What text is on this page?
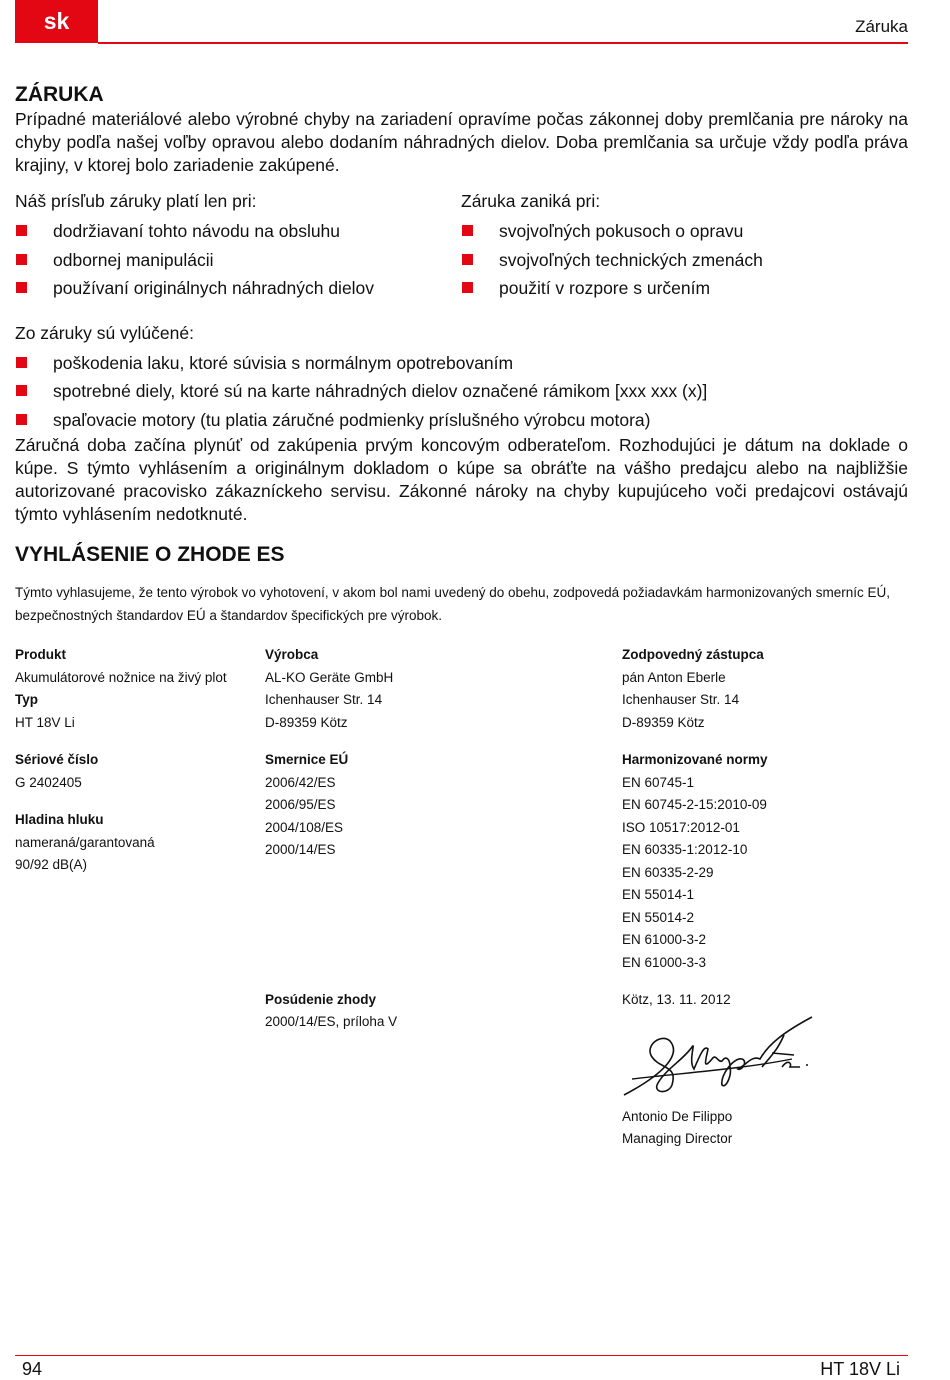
sk	Záruka
ZÁRUKA

Prípadné materiálové alebo výrobné chyby na zariadení opravíme počas zákonnej doby premlčania pre nároky na chyby podľa našej voľby opravou alebo dodaním náhradných dielov. Doba premlčania sa určuje vždy podľa práva krajiny, v ktorej bolo zariadenie zakúpené.

Náš prísľub záruky platí len pri:
dodržiavaní tohto návodu na obsluhu
odbornej manipulácii
používaní originálnych náhradných dielov
Záruka zaniká pri:
svojvoľných pokusoch o opravu
svojvoľných technických zmenách
použití v rozpore s určením
Zo záruky sú vylúčené:
poškodenia laku, ktoré súvisia s normálnym opotrebovaním
spotrebné diely, ktoré sú na karte náhradných dielov označené rámikom [xxx xxx (x)]
spaľovacie motory (tu platia záručné podmienky príslušného výrobcu motora)

Záručná doba začína plynúť od zakúpenia prvým koncovým odberateľom. Rozhodujúci je dátum na doklade o kúpe. S týmto vyhlásením a originálnym dokladom o kúpe sa obráťte na vášho predajcu alebo na najbližšie autorizované pracovisko zákazníckeho servisu. Zákonné nároky na chyby kupujúceho voči predajcovi ostávajú týmto vyhlásením nedotknuté.

VYHLÁSENIE O ZHODE ES

Týmto vyhlasujeme, že tento výrobok vo vyhotovení, v akom bol nami uvedený do obehu, zodpovedá požiadavkám harmonizovaných smerníc EÚ, bezpečnostných štandardov EÚ a štandardov špecifických pre výrobok.

Produkt
Akumulátorové nožnice na živý plot
Typ
HT 18V Li
Sériové číslo
G 2402405
Hladina hluku
nameraná/garantovaná
90/92 dB(A)
Výrobca
AL-KO Geräte GmbH
Ichenhauser Str. 14
D-89359 Kötz
Smernice EÚ
2006/42/ES
2006/95/ES
2004/108/ES
2000/14/ES
Posúdenie zhody
2000/14/ES, príloha V
Zodpovedný zástupca
pán Anton Eberle
Ichenhauser Str. 14
D-89359 Kötz
Harmonizované normy
EN 60745-1
EN 60745-2-15:2010-09
ISO 10517:2012-01
EN 60335-1:2012-10
EN 60335-2-29
EN 55014-1
EN 55014-2
EN 61000-3-2
EN 61000-3-3
Kötz, 13. 11. 2012
Antonio De Filippo
Managing Director
94	HT 18V Li
